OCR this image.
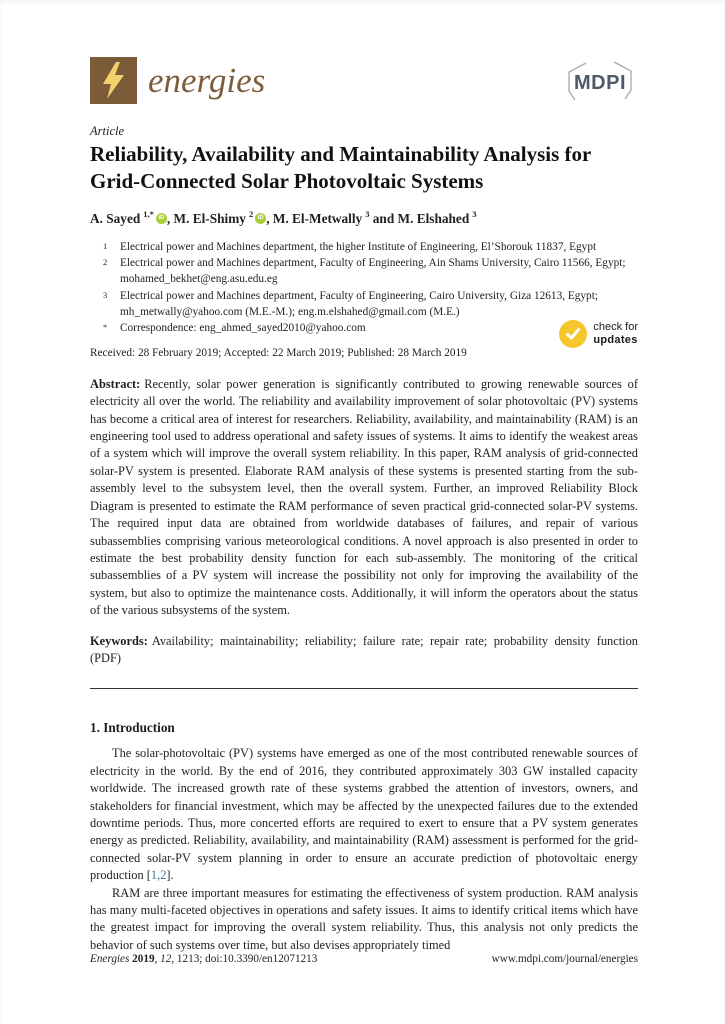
energies	MDPI
Article
Reliability, Availability and Maintainability Analysis for Grid-Connected Solar Photovoltaic Systems
A. Sayed $^{1,*}$ iD , M. El-Shimy $^2$ iD , M. El-Metwally $^3$ and M. Elshahed $^3$
1	Electrical power and Machines department, the higher Institute of Engineering, El’Shorouk 11837, Egypt
2	Electrical power and Machines department, Faculty of Engineering, Ain Shams University, Cairo 11566, Egypt; mohamed_bekhet@eng.asu.edu.eg
3	Electrical power and Machines department, Faculty of Engineering, Cairo University, Giza 12613, Egypt; mh_metwally@yahoo.com (M.E.-M.); eng.m.elshahed@gmail.com (M.E.)
*	Correspondence: eng_ahmed_sayed2010@yahoo.com
Received: 28 February 2019; Accepted: 22 March 2019; Published: 28 March 2019
check for
updates
Abstract: Recently, solar power generation is significantly contributed to growing renewable sources of electricity all over the world. The reliability and availability improvement of solar photovoltaic (PV) systems has become a critical area of interest for researchers. Reliability, availability, and maintainability (RAM) is an engineering tool used to address operational and safety issues of systems. It aims to identify the weakest areas of a system which will improve the overall system reliability. In this paper, RAM analysis of grid-connected solar-PV system is presented. Elaborate RAM analysis of these systems is presented starting from the sub-assembly level to the subsystem level, then the overall system. Further, an improved Reliability Block Diagram is presented to estimate the RAM performance of seven practical grid-connected solar-PV systems. The required input data are obtained from worldwide databases of failures, and repair of various subassemblies comprising various meteorological conditions. A novel approach is also presented in order to estimate the best probability density function for each sub-assembly. The monitoring of the critical subassemblies of a PV system will increase the possibility not only for improving the availability of the system, but also to optimize the maintenance costs. Additionally, it will inform the operators about the status of the various subsystems of the system.
Keywords: Availability; maintainability; reliability; failure rate; repair rate; probability density function (PDF)
1. Introduction

The solar-photovoltaic (PV) systems have emerged as one of the most contributed renewable sources of electricity in the world. By the end of 2016, they contributed approximately 303 GW installed capacity worldwide. The increased growth rate of these systems grabbed the attention of investors, owners, and stakeholders for financial investment, which may be affected by the unexpected failures due to the extended downtime periods. Thus, more concerted efforts are required to exert to ensure that a PV system generates energy as predicted. Reliability, availability, and maintainability (RAM) assessment is performed for the grid-connected solar-PV system planning in order to ensure an accurate prediction of photovoltaic energy production [1,2].

RAM are three important measures for estimating the effectiveness of system production. RAM analysis has many multi-faceted objectives in operations and safety issues. It aims to identify critical items which have the greatest impact for improving the overall system reliability. Thus, this analysis not only predicts the behavior of such systems over time, but also devises appropriately timed

Energies 2019, 12, 1213; doi:10.3390/en12071213	www.mdpi.com/journal/energies
